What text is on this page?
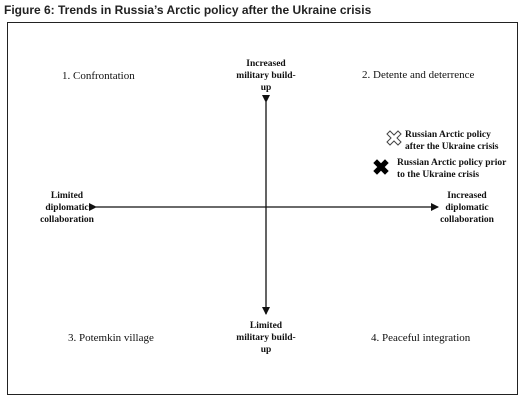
Figure 6: Trends in Russia’s Arctic policy after the Ukraine crisis
Increased military build-up
Limited military build-up
Limited diplomatic collaboration
Increased diplomatic collaboration
1. Confrontation	2. Detente and deterrence
3. Potemkin village	4. Peaceful integration
Russian Arctic policy after the Ukraine crisis
Russian Arctic policy prior to the Ukraine crisis
